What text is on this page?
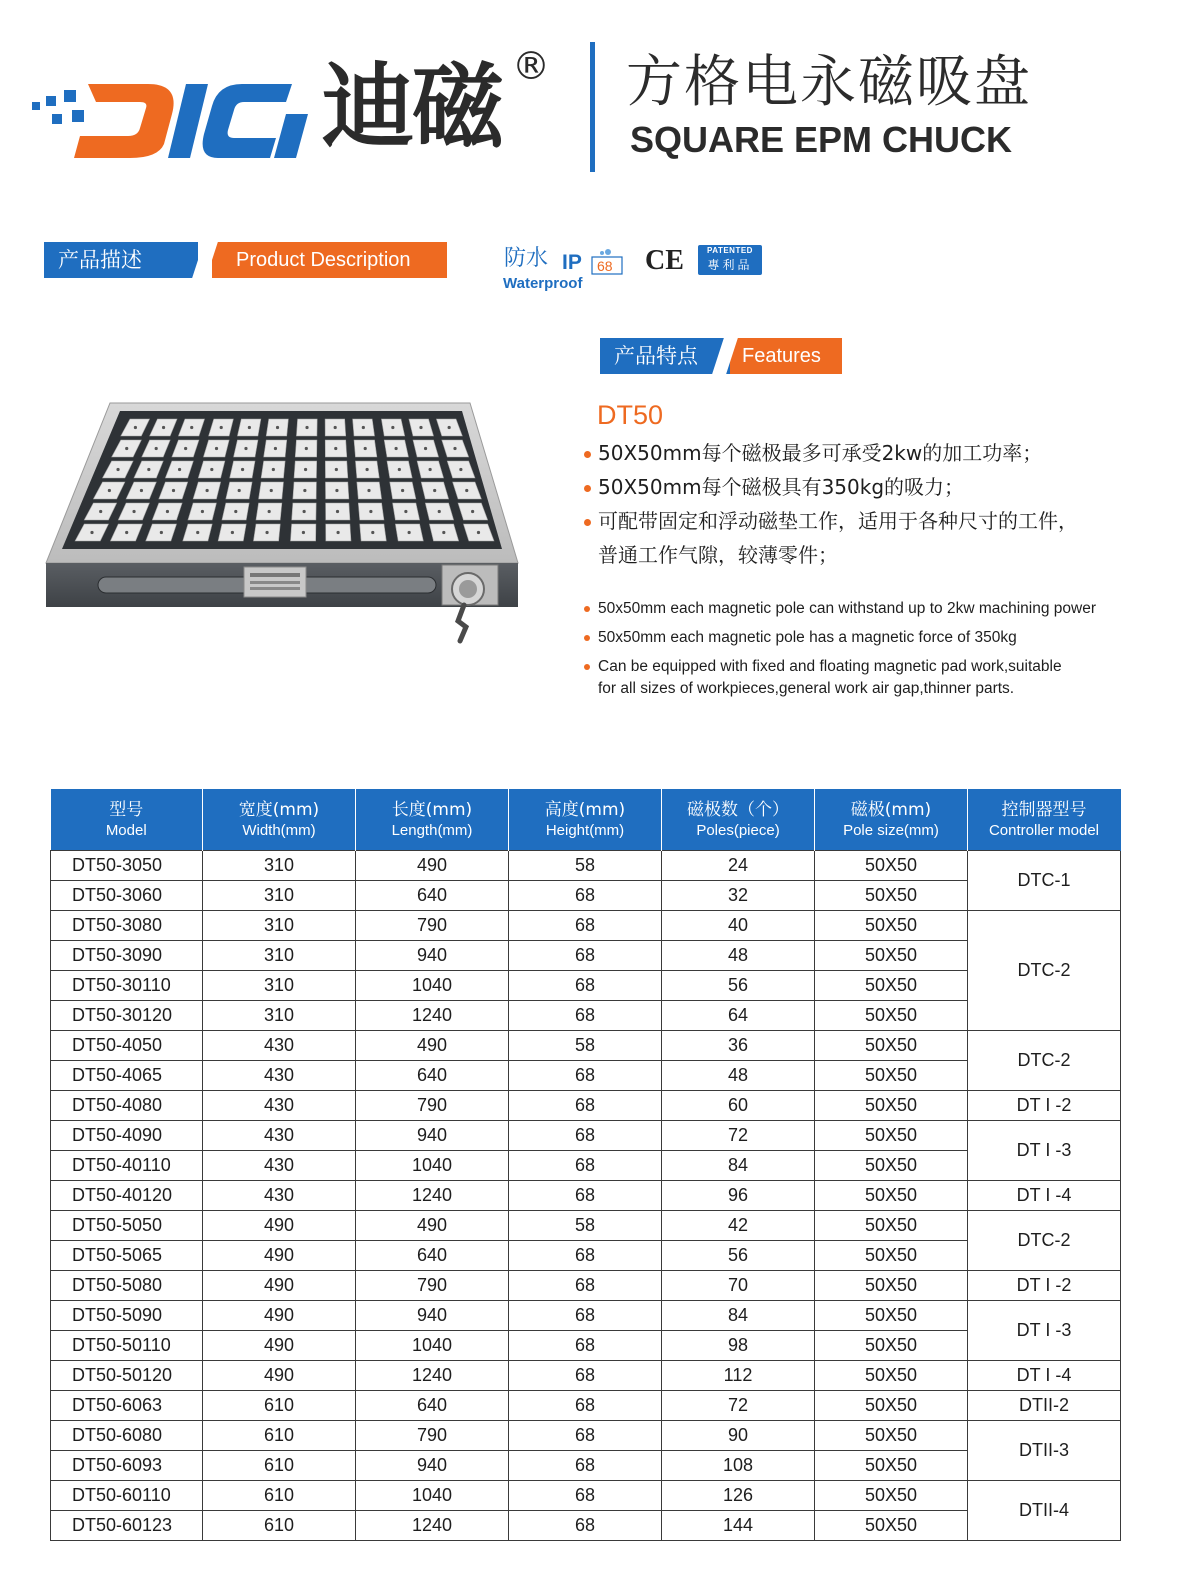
迪磁 ® 方格电永磁吸盘
SQUARE EPM CHUCK
产品描述	Product Description	防水
Waterproof
IP 68 CE	PATENTED
專利品
产品特点	Features
DT50
50X50mm每个磁极最多可承受2kw的加工功率；
50X50mm每个磁极具有350kg的吸力；
可配带固定和浮动磁垫工作，适用于各种尺寸的工件，
普通工作气隙，较薄零件；
50x50mm each magnetic pole can withstand up to 2kw machining power
50x50mm each magnetic pole has a magnetic force of 350kg
Can be equipped with fixed and floating magnetic pad work,suitable
for all sizes of workpieces,general work air gap,thinner parts.
型号
Model	宽度(mm)
Width(mm)	长度(mm)
Length(mm)	高度(mm)
Height(mm)	磁极数（个）
Poles(piece)	磁极(mm)
Pole size(mm)	控制器型号
Controller model

DT50-3050	310	490	58	24	50X50	DTC-1
DT50-3060	310	640	68	32	50X50	
DT50-3080	310	790	68	40	50X50	DTC-2
DT50-3090	310	940	68	48	50X50	
DT50-30110	310	1040	68	56	50X50	
DT50-30120	310	1240	68	64	50X50	
DT50-4050	430	490	58	36	50X50	DTC-2
DT50-4065	430	640	68	48	50X50	
DT50-4080	430	790	68	60	50X50	DT I -2
DT50-4090	430	940	68	72	50X50	DT I -3
DT50-40110	430	1040	68	84	50X50	
DT50-40120	430	1240	68	96	50X50	DT I -4
DT50-5050	490	490	58	42	50X50	DTC-2
DT50-5065	490	640	68	56	50X50	
DT50-5080	490	790	68	70	50X50	DT I -2
DT50-5090	490	940	68	84	50X50	DT I -3
DT50-50110	490	1040	68	98	50X50	
DT50-50120	490	1240	68	112	50X50	DT I -4
DT50-6063	610	640	68	72	50X50	DTII-2
DT50-6080	610	790	68	90	50X50	DTII-3
DT50-6093	610	940	68	108	50X50	
DT50-60110	610	1040	68	126	50X50	DTII-4
DT50-60123	610	1240	68	144	50X50	
